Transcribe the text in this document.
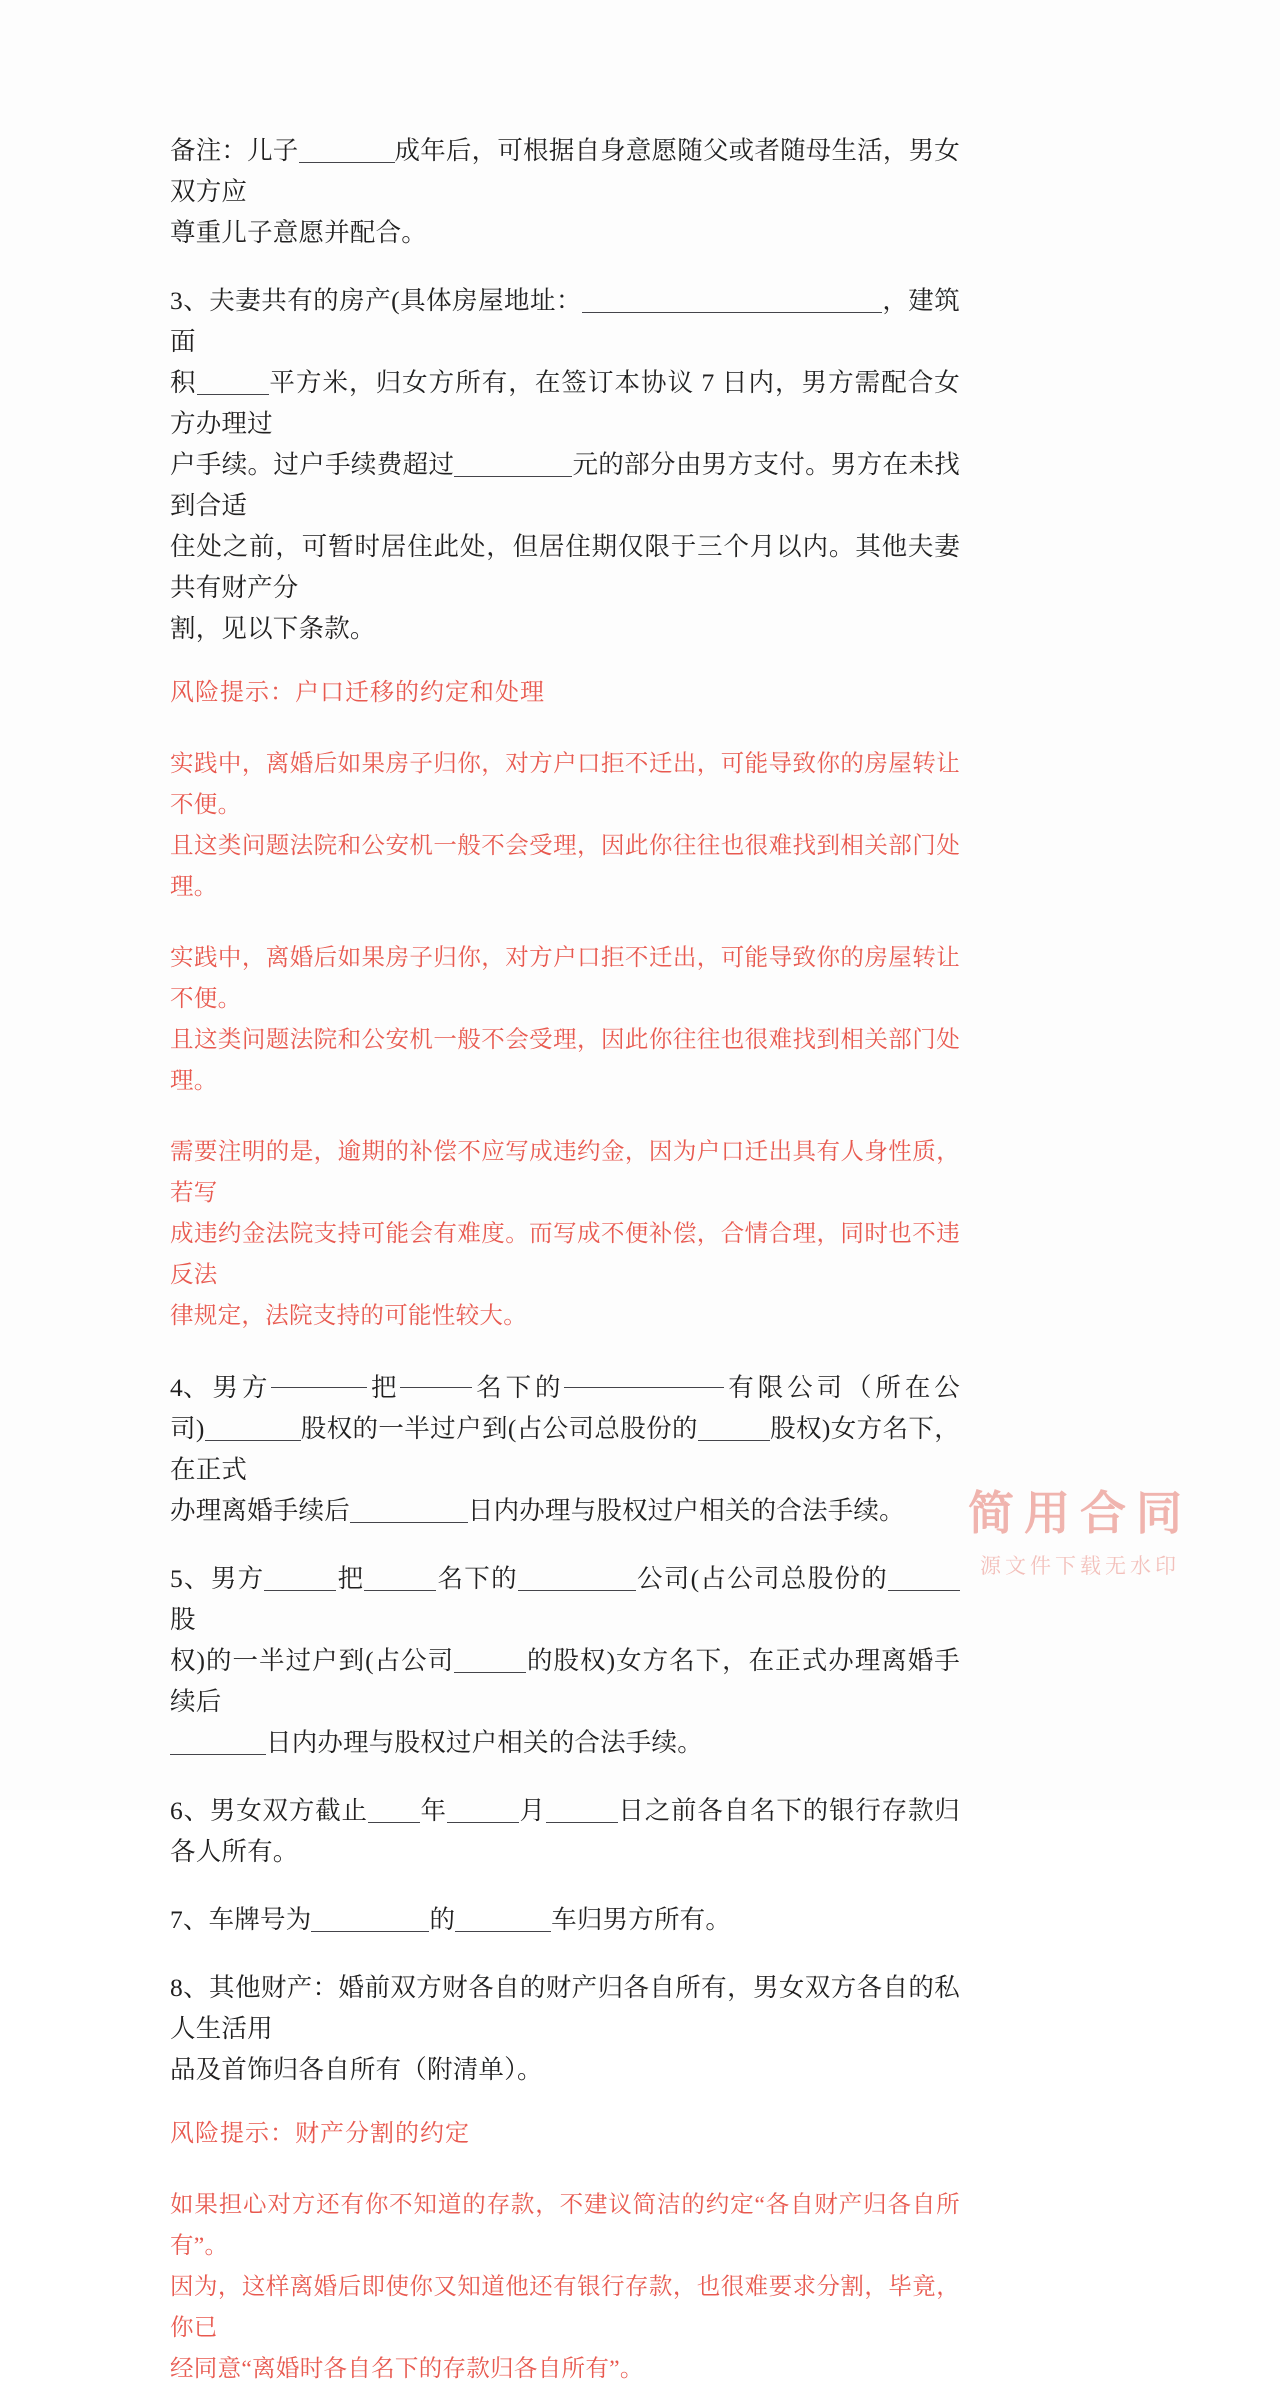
备注：儿子	成年后，可根据自身意愿随父或者随母生活，男女双方应
尊重儿子意愿并配合。

3、夫妻共有的房产(具体房屋地址：	，建筑面
积	平方米，归女方所有，在签订本协议 7 日内，男方需配合女方办理过
户手续。过户手续费超过	元的部分由男方支付。男方在未找到合适
住处之前，可暂时居住此处，但居住期仅限于三个月以内。其他夫妻共有财产分
割，见以下条款。

风险提示：户口迁移的约定和处理

实践中，离婚后如果房子归你，对方户口拒不迁出，可能导致你的房屋转让不便。
且这类问题法院和公安机一般不会受理，因此你往往也很难找到相关部门处理。

实践中，离婚后如果房子归你，对方户口拒不迁出，可能导致你的房屋转让不便。
且这类问题法院和公安机一般不会受理，因此你往往也很难找到相关部门处理。

需要注明的是，逾期的补偿不应写成违约金，因为户口迁出具有人身性质，若写
成违约金法院支持可能会有难度。而写成不便补偿，合情合理，同时也不违反法
律规定，法院支持的可能性较大。

4、 男 方	把	名 下 的	有 限 公 司 （ 所 在 公
司)	股权的一半过户到(占公司总股份的	股权)女方名下，在正式
办理离婚手续后	日内办理与股权过户相关的合法手续。

5、男方	把	名下的	公司(占公司总股份的股
权)的一半过户到(占公司	的股权)女方名下，在正式办理离婚手续后
日内办理与股权过户相关的合法手续。

6、男女双方截止 年	月	日之前各自名下的银行存款归各人所有。

7、车牌号为	的	车归男方所有。

8、其他财产：婚前双方财各自的财产归各自所有，男女双方各自的私人生活用
品及首饰归各自所有（附清单）。

风险提示：财产分割的约定

如果担心对方还有你不知道的存款，不建议简洁的约定“各自财产归各自所有”。
因为，这样离婚后即使你又知道他还有银行存款，也很难要求分割，毕竟，你已
经同意“离婚时各自名下的存款归各自所有”。

简用合同
源文件下载无水印
